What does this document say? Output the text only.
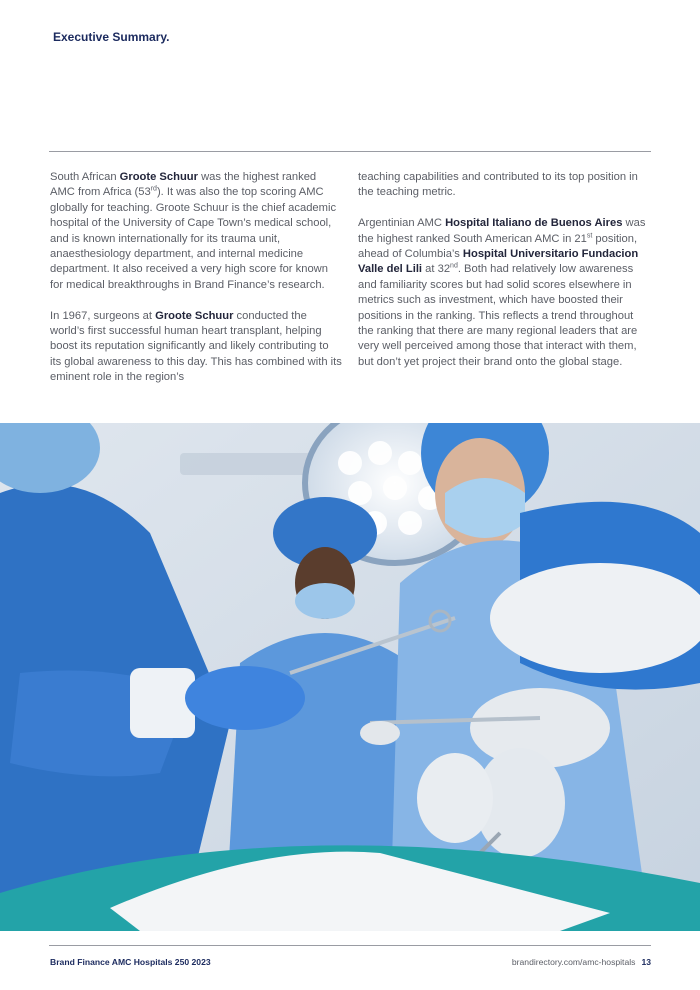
Executive Summary.

South African Groote Schuur was the highest ranked AMC from Africa (53rd). It was also the top scoring AMC globally for teaching. Groote Schuur is the chief academic hospital of the University of Cape Town’s medical school, and is known internationally for its trauma unit, anaesthesiology department, and internal medicine department. It also received a very high score for known for medical breakthroughs in Brand Finance’s research.

In 1967, surgeons at Groote Schuur conducted the world’s first successful human heart transplant, helping boost its reputation significantly and likely contributing to its global awareness to this day. This has combined with its eminent role in the region’s

teaching capabilities and contributed to its top position in the teaching metric.

Argentinian AMC Hospital Italiano de Buenos Aires was the highest ranked South American AMC in 21st position, ahead of Columbia’s Hospital Universitario Fundacion Valle del Lili at 32nd. Both had relatively low awareness and familiarity scores but had solid scores elsewhere in metrics such as investment, which have boosted their positions in the ranking. This reflects a trend throughout the ranking that there are many regional leaders that are very well perceived among those that interact with them, but don’t yet project their brand onto the global stage.

Brand Finance AMC Hospitals 250 2023	brandirectory.com/amc-hospitals 13
